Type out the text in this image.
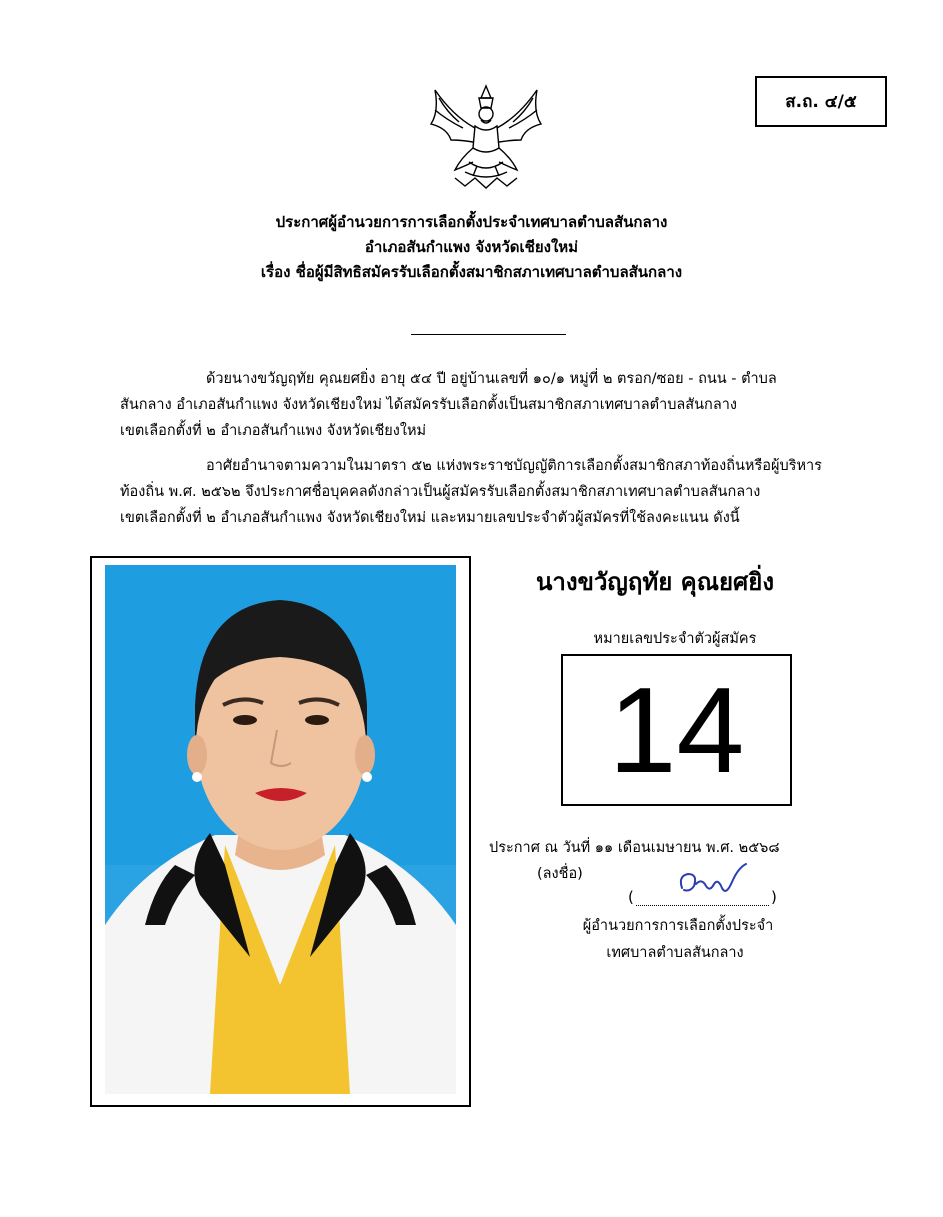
ส.ถ. ๔/๕
ประกาศผู้อำนวยการการเลือกตั้งประจำเทศบาลตำบลสันกลาง
อำเภอสันกำแพง จังหวัดเชียงใหม่
เรื่อง ชื่อผู้มีสิทธิสมัครรับเลือกตั้งสมาชิกสภาเทศบาลตำบลสันกลาง
ด้วยนางขวัญฤทัย คุณยศยิ่ง อายุ ๕๔ ปี อยู่บ้านเลขที่ ๑๐/๑ หมู่ที่ ๒ ตรอก/ซอย - ถนน - ตำบล
สันกลาง อำเภอสันกำแพง จังหวัดเชียงใหม่ ได้สมัครรับเลือกตั้งเป็นสมาชิกสภาเทศบาลตำบลสันกลาง
เขตเลือกตั้งที่ ๒ อำเภอสันกำแพง จังหวัดเชียงใหม่
อาศัยอำนาจตามความในมาตรา ๕๒ แห่งพระราชบัญญัติการเลือกตั้งสมาชิกสภาท้องถิ่นหรือผู้บริหาร
ท้องถิ่น พ.ศ. ๒๕๖๒ จึงประกาศชื่อบุคคลดังกล่าวเป็นผู้สมัครรับเลือกตั้งสมาชิกสภาเทศบาลตำบลสันกลาง
เขตเลือกตั้งที่ ๒ อำเภอสันกำแพง จังหวัดเชียงใหม่ และหมายเลขประจำตัวผู้สมัครที่ใช้ลงคะแนน ดังนี้
นางขวัญฤทัย คุณยศยิ่ง
หมายเลขประจำตัวผู้สมัคร
14
ประกาศ ณ วันที่ ๑๑ เดือนเมษายน พ.ศ. ๒๕๖๘
(ลงชื่อ)
(	)
ผู้อำนวยการการเลือกตั้งประจำ
เทศบาลตำบลสันกลาง
